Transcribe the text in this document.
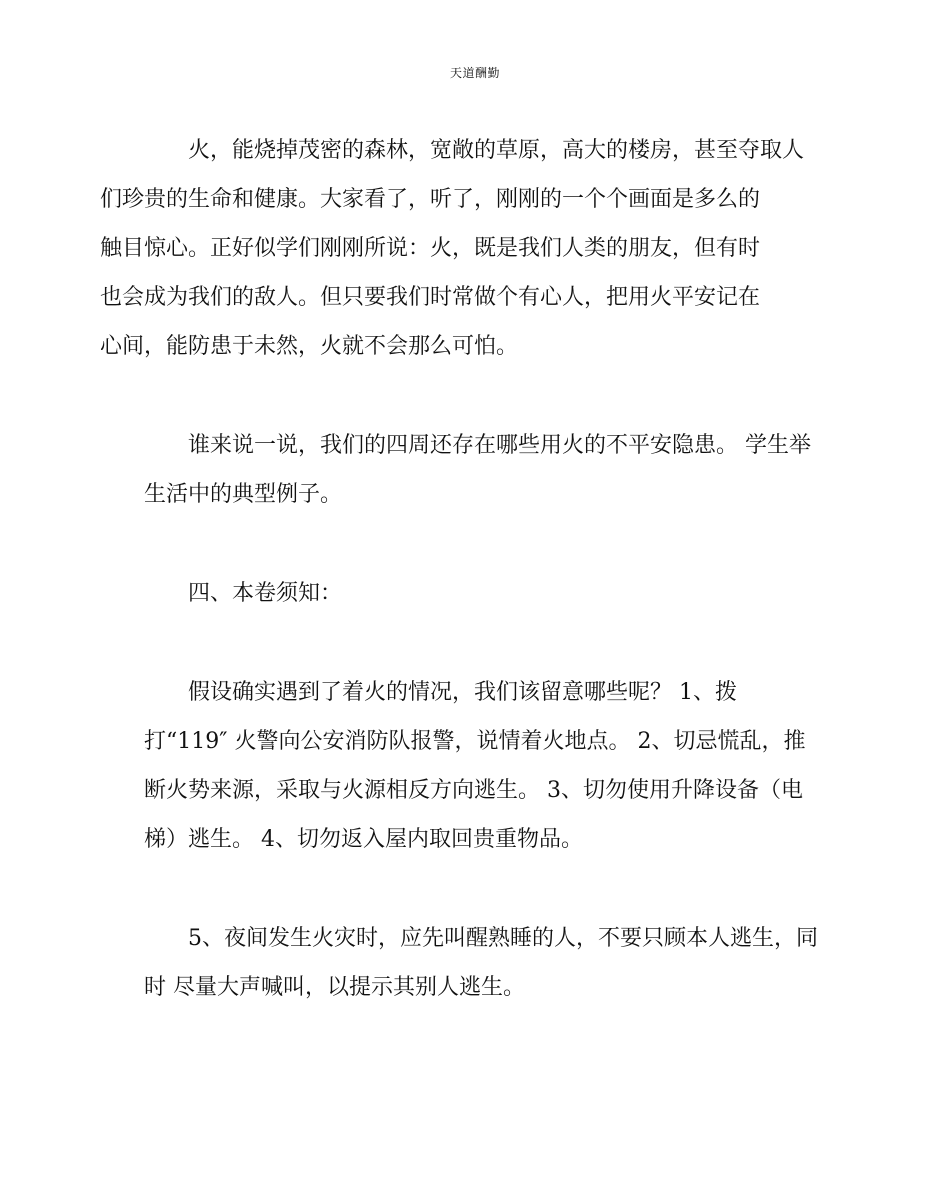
天道酬勤
火，能烧掉茂密的森林，宽敞的草原，高大的楼房，甚至夺取人
们珍贵的生命和健康。大家看了，听了，刚刚的一个个画面是多么的
触目惊心。正好似学们刚刚所说：火，既是我们人类的朋友，但有时
也会成为我们的敌人。但只要我们时常做个有心人，把用火平安记在
心间，能防患于未然，火就不会那么可怕。
谁来说一说，我们的四周还存在哪些用火的不平安隐患。 学生举
生活中的典型例子。
四、本卷须知：
假设确实遇到了着火的情况，我们该留意哪些呢？ 1、拨
打“119″ 火警向公安消防队报警，说情着火地点。 2、切忌慌乱，推
断火势来源，采取与火源相反方向逃生。 3、切勿使用升降设备（电
梯）逃生。 4、切勿返入屋内取回贵重物品。
5、夜间发生火灾时，应先叫醒熟睡的人，不要只顾本人逃生，同
时 尽量大声喊叫，以提示其别人逃生。
